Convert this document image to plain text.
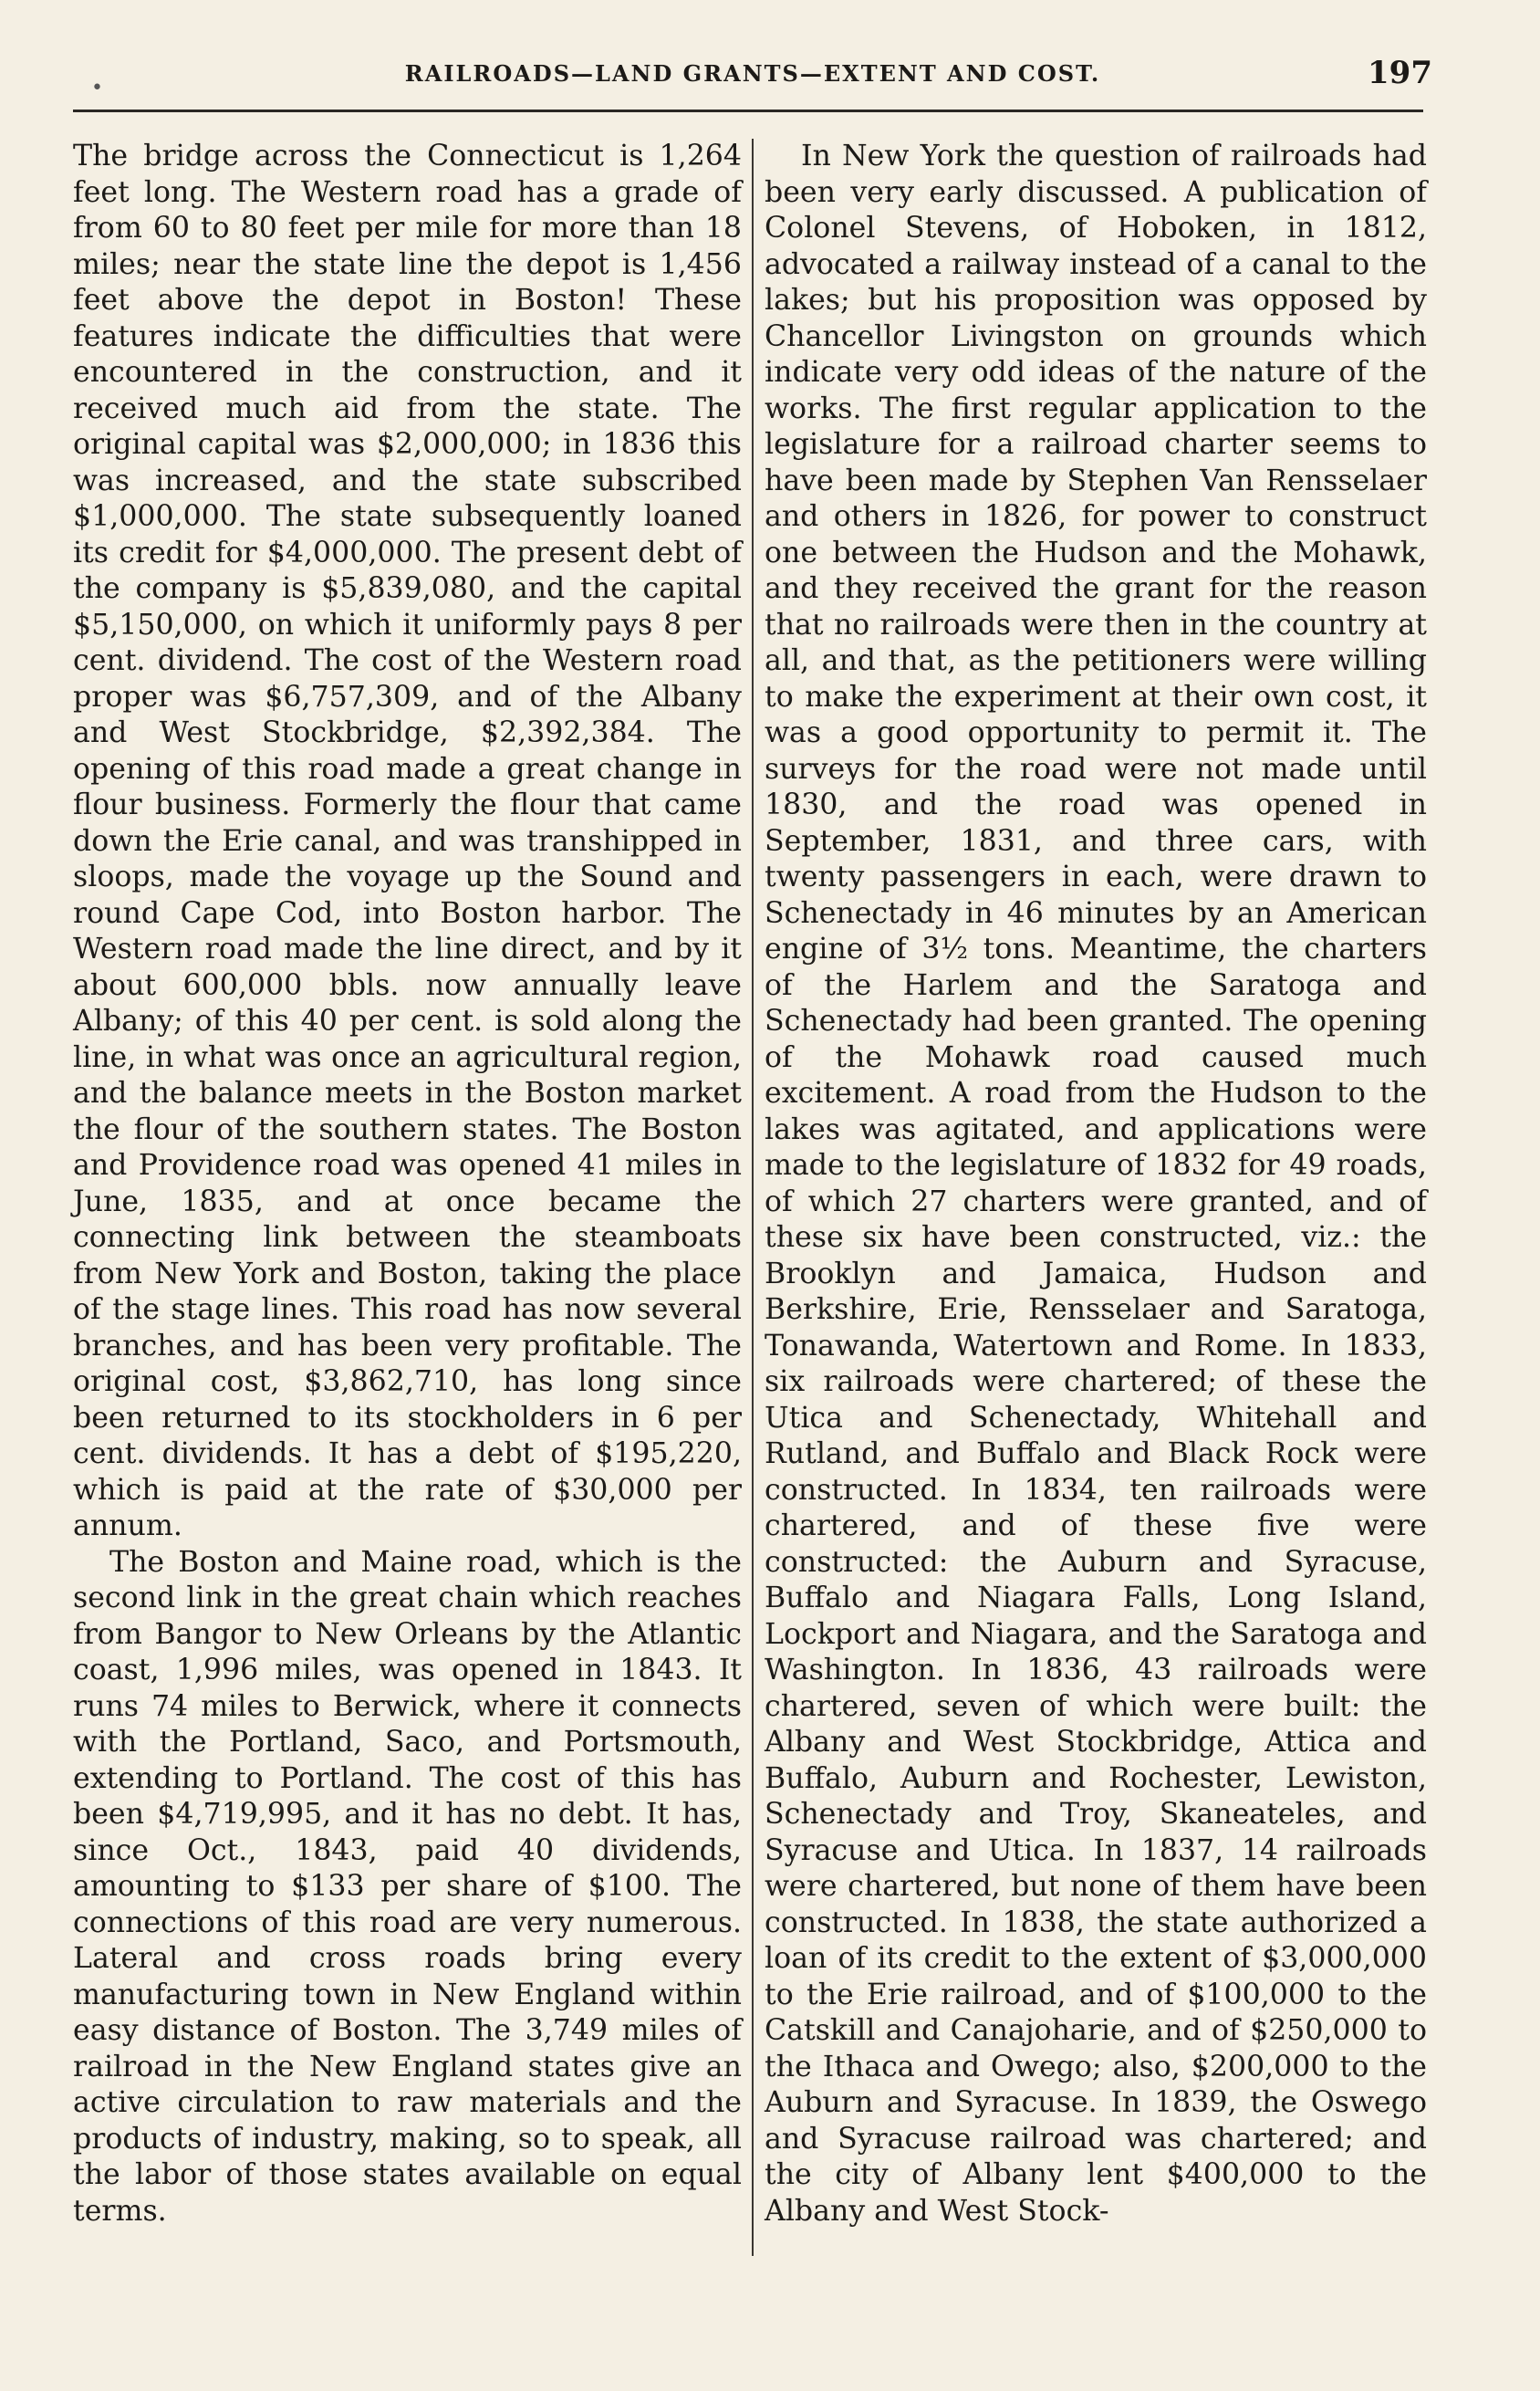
•
RAILROADS—LAND GRANTS—EXTENT AND COST.	197

The bridge across the Connecticut is 1,264 feet long. The Western road has a grade of from 60 to 80 feet per mile for more than 18 miles; near the state line the depot is 1,456 feet above the depot in Boston! These features indicate the difficulties that were encountered in the construction, and it received much aid from the state. The original capital was $2,000,000; in 1836 this was increased, and the state subscribed $1,000,000. The state subsequently loaned its credit for $4,000,000. The present debt of the company is $5,839,080, and the capital $5,150,000, on which it uniformly pays 8 per cent. dividend. The cost of the Western road proper was $6,757,309, and of the Albany and West Stockbridge, $2,392,384. The opening of this road made a great change in flour business. Formerly the flour that came down the Erie canal, and was transhipped in sloops, made the voyage up the Sound and round Cape Cod, into Boston harbor. The Western road made the line direct, and by it about 600,000 bbls. now annually leave Albany; of this 40 per cent. is sold along the line, in what was once an agricultural region, and the balance meets in the Boston market the flour of the southern states. The Boston and Providence road was opened 41 miles in June, 1835, and at once became the connecting link between the steamboats from New York and Boston, taking the place of the stage lines. This road has now several branches, and has been very profitable. The original cost, $3,862,710, has long since been returned to its stockholders in 6 per cent. dividends. It has a debt of $195,220, which is paid at the rate of $30,000 per annum.

The Boston and Maine road, which is the second link in the great chain which reaches from Bangor to New Orleans by the Atlantic coast, 1,996 miles, was opened in 1843. It runs 74 miles to Berwick, where it connects with the Portland, Saco, and Portsmouth, extending to Portland. The cost of this has been $4,719,995, and it has no debt. It has, since Oct., 1843, paid 40 dividends, amounting to $133 per share of $100. The connections of this road are very numerous. Lateral and cross roads bring every manufacturing town in New England within easy distance of Boston. The 3,749 miles of railroad in the New England states give an active circulation to raw materials and the products of industry, making, so to speak, all the labor of those states available on equal terms.

In New York the question of railroads had been very early discussed. A publication of Colonel Stevens, of Hoboken, in 1812, advocated a railway instead of a canal to the lakes; but his proposition was opposed by Chancellor Livingston on grounds which indicate very odd ideas of the nature of the works. The first regular application to the legislature for a railroad charter seems to have been made by Stephen Van Rensselaer and others in 1826, for power to construct one between the Hudson and the Mohawk, and they received the grant for the reason that no railroads were then in the country at all, and that, as the petitioners were willing to make the experiment at their own cost, it was a good opportunity to permit it. The surveys for the road were not made until 1830, and the road was opened in September, 1831, and three cars, with twenty passengers in each, were drawn to Schenectady in 46 minutes by an American engine of 3½ tons. Meantime, the charters of the Harlem and the Saratoga and Schenectady had been granted. The opening of the Mohawk road caused much excitement. A road from the Hudson to the lakes was agitated, and applications were made to the legislature of 1832 for 49 roads, of which 27 charters were granted, and of these six have been constructed, viz.: the Brooklyn and Jamaica, Hudson and Berkshire, Erie, Rensselaer and Saratoga, Tonawanda, Watertown and Rome. In 1833, six railroads were chartered; of these the Utica and Schenectady, Whitehall and Rutland, and Buffalo and Black Rock were constructed. In 1834, ten railroads were chartered, and of these five were constructed: the Auburn and Syracuse, Buffalo and Niagara Falls, Long Island, Lockport and Niagara, and the Saratoga and Washington. In 1836, 43 railroads were chartered, seven of which were built: the Albany and West Stockbridge, Attica and Buffalo, Auburn and Rochester, Lewiston, Schenectady and Troy, Skaneateles, and Syracuse and Utica. In 1837, 14 railroads were chartered, but none of them have been constructed. In 1838, the state authorized a loan of its credit to the extent of $3,000,000 to the Erie railroad, and of $100,000 to the Catskill and Canajoharie, and of $250,000 to the Ithaca and Owego; also, $200,000 to the Auburn and Syracuse. In 1839, the Oswego and Syracuse railroad was chartered; and the city of Albany lent $400,000 to the Albany and West Stock-
